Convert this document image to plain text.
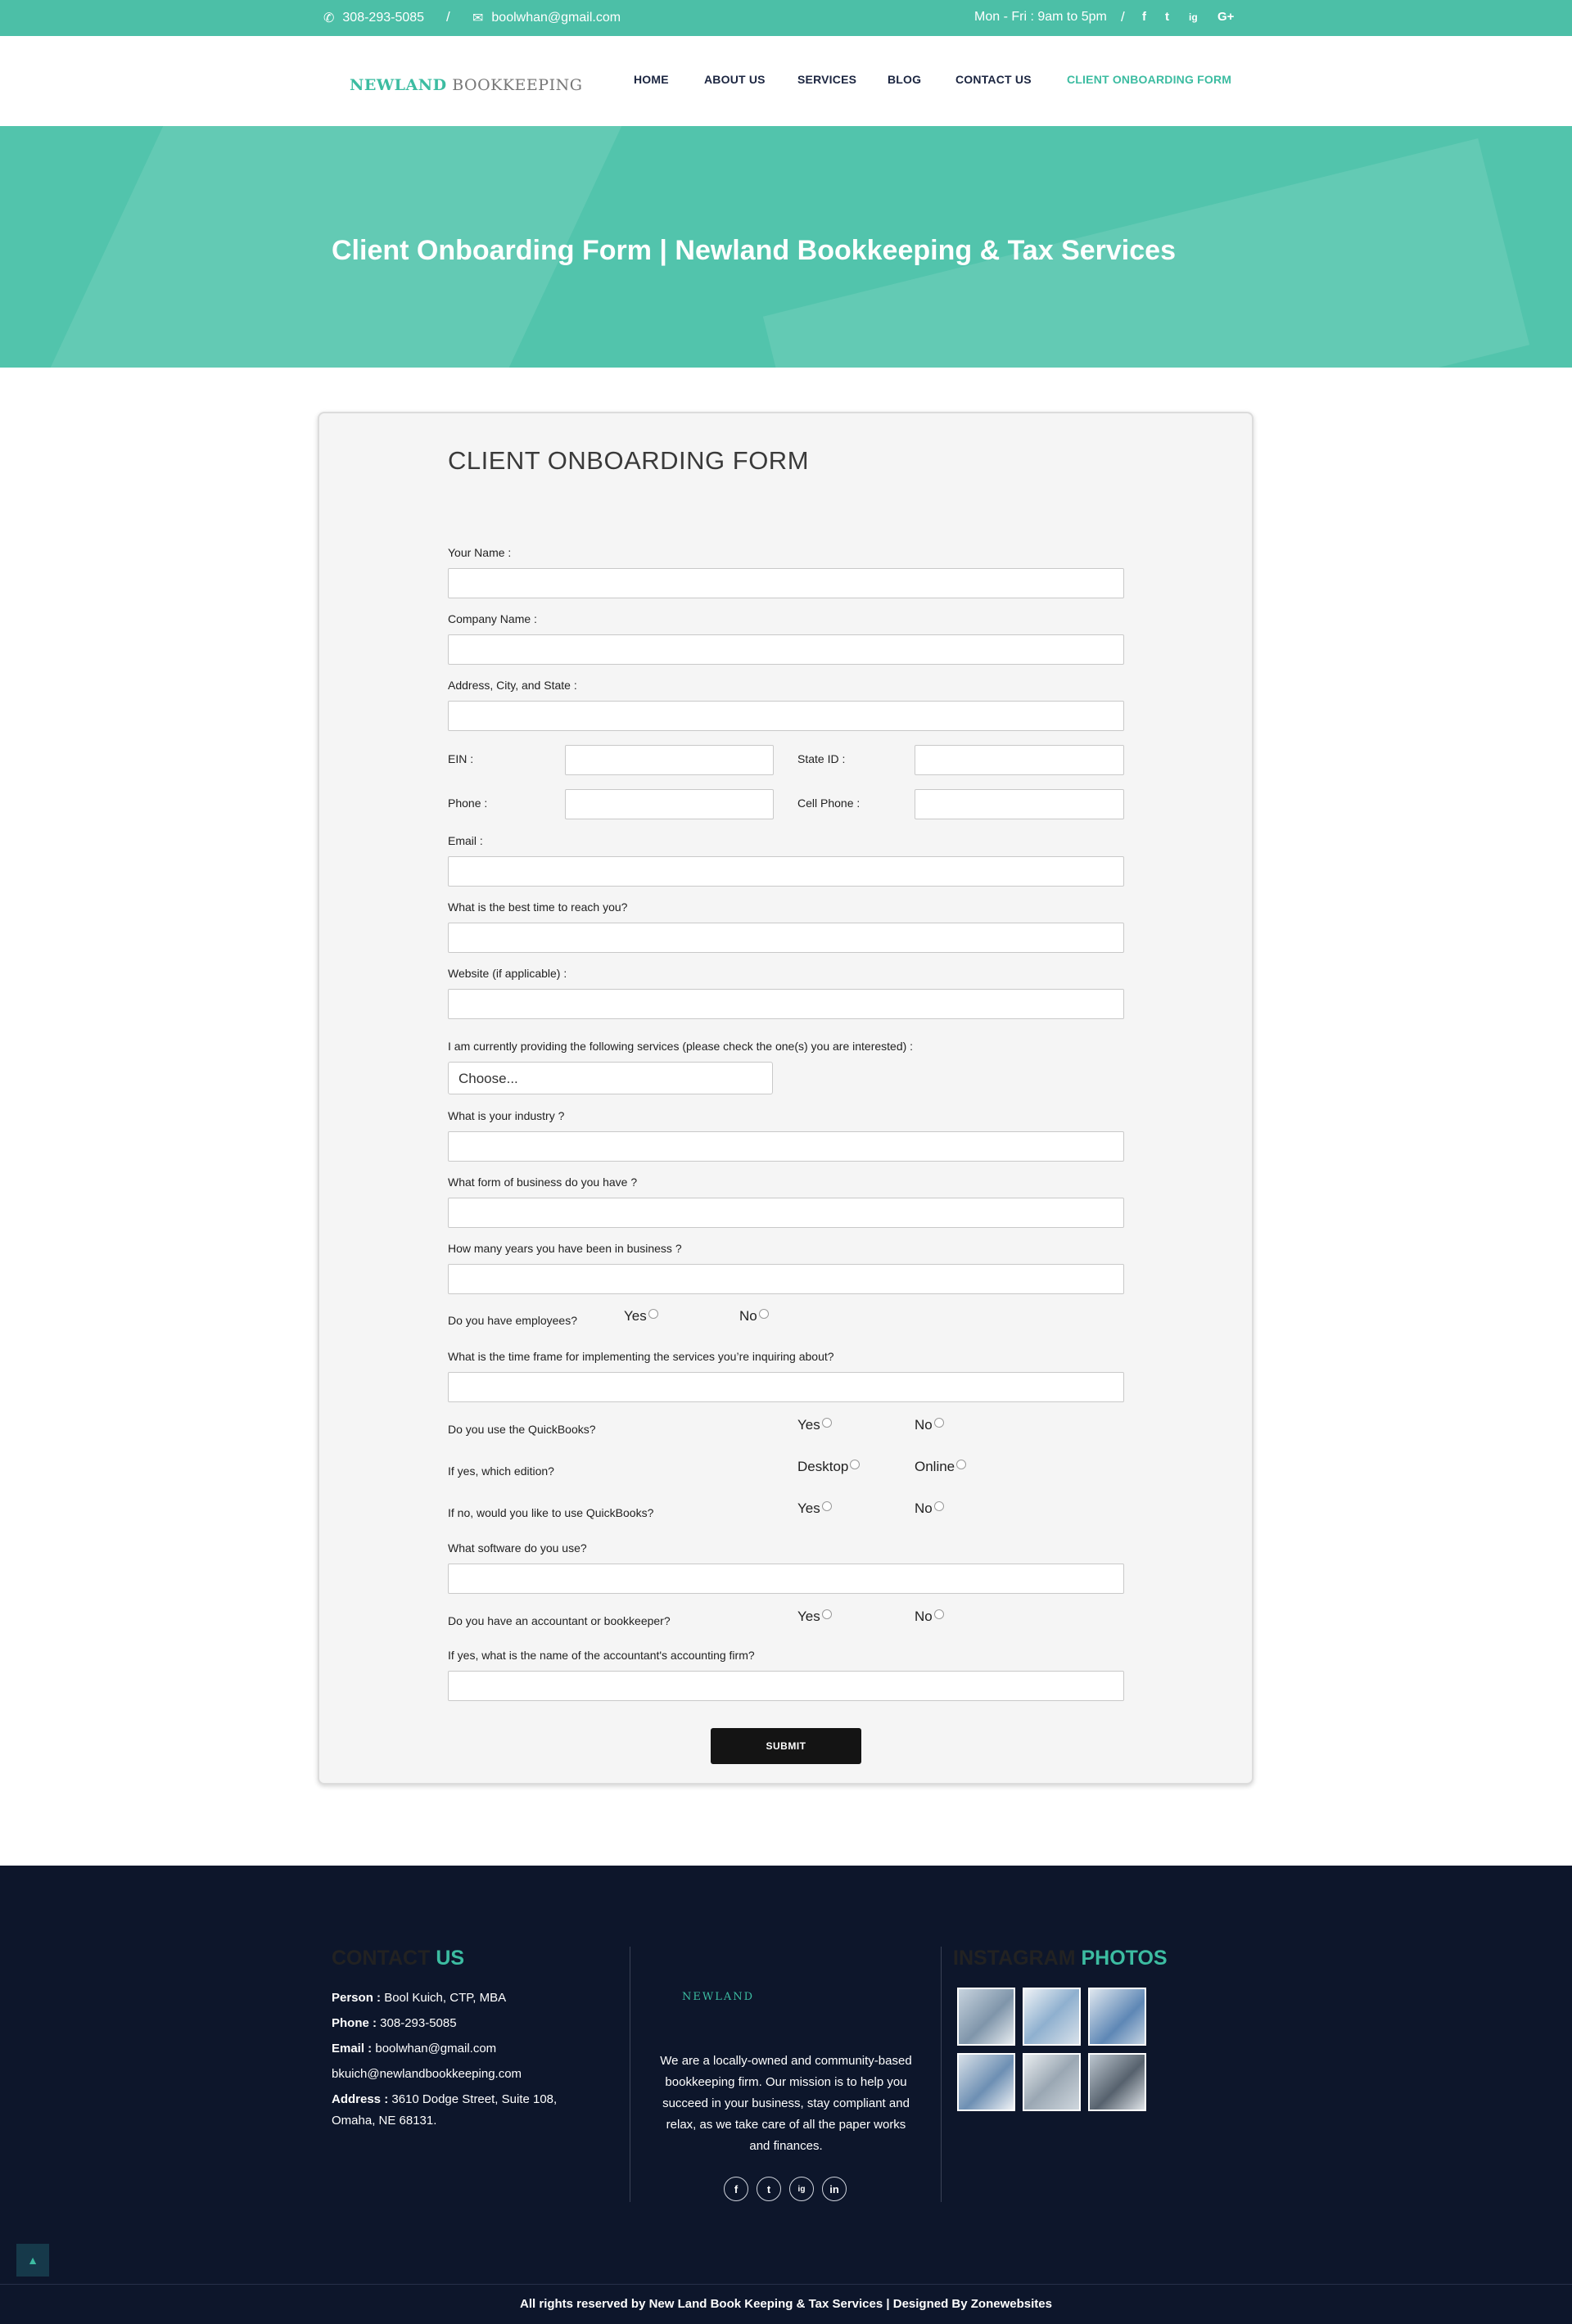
✆ 308-293-5085 / ✉ boolwhan@gmail.com	Mon - Fri : 9am to 5pm / f t ig G+
NEWLAND BOOKKEEPING	HOME	ABOUT US	SERVICES	BLOG	CONTACT US	CLIENT ONBOARDING FORM
Client Onboarding Form | Newland Bookkeeping & Tax Services
CLIENT ONBOARDING FORM
Your Name :
Company Name :
Address, City, and State :
EIN :	State ID :
Phone :	Cell Phone :
Email :
What is the best time to reach you?
Website (if applicable) :
I am currently providing the following services (please check the one(s) you are interested) :
Choose...
What is your industry ?
What form of business do you have ?
How many years you have been in business ?
Do you have employees?	Yes	No
What is the time frame for implementing the services you’re inquiring about?
Do you use the QuickBooks?	Yes	No
If yes, which edition?	Desktop	Online
If no, would you like to use QuickBooks?	Yes	No
What software do you use?
Do you have an accountant or bookkeeper?	Yes	No
If yes, what is the name of the accountant's accounting firm?
SUBMIT
CONTACT US
Person : Bool Kuich, CTP, MBA
Phone : 308-293-5085
Email : boolwhan@gmail.com
bkuich@newlandbookkeeping.com
Address : 3610 Dodge Street, Suite 108,
Omaha, NE 68131.
NEWLAND
We are a locally-owned and community-based bookkeeping firm. Our mission is to help you succeed in your business, stay compliant and relax, as we take care of all the paper works and finances.
f	t	ig	in
INSTAGRAM PHOTOS
▲
All rights reserved by New Land Book Keeping & Tax Services | Designed By Zonewebsites
